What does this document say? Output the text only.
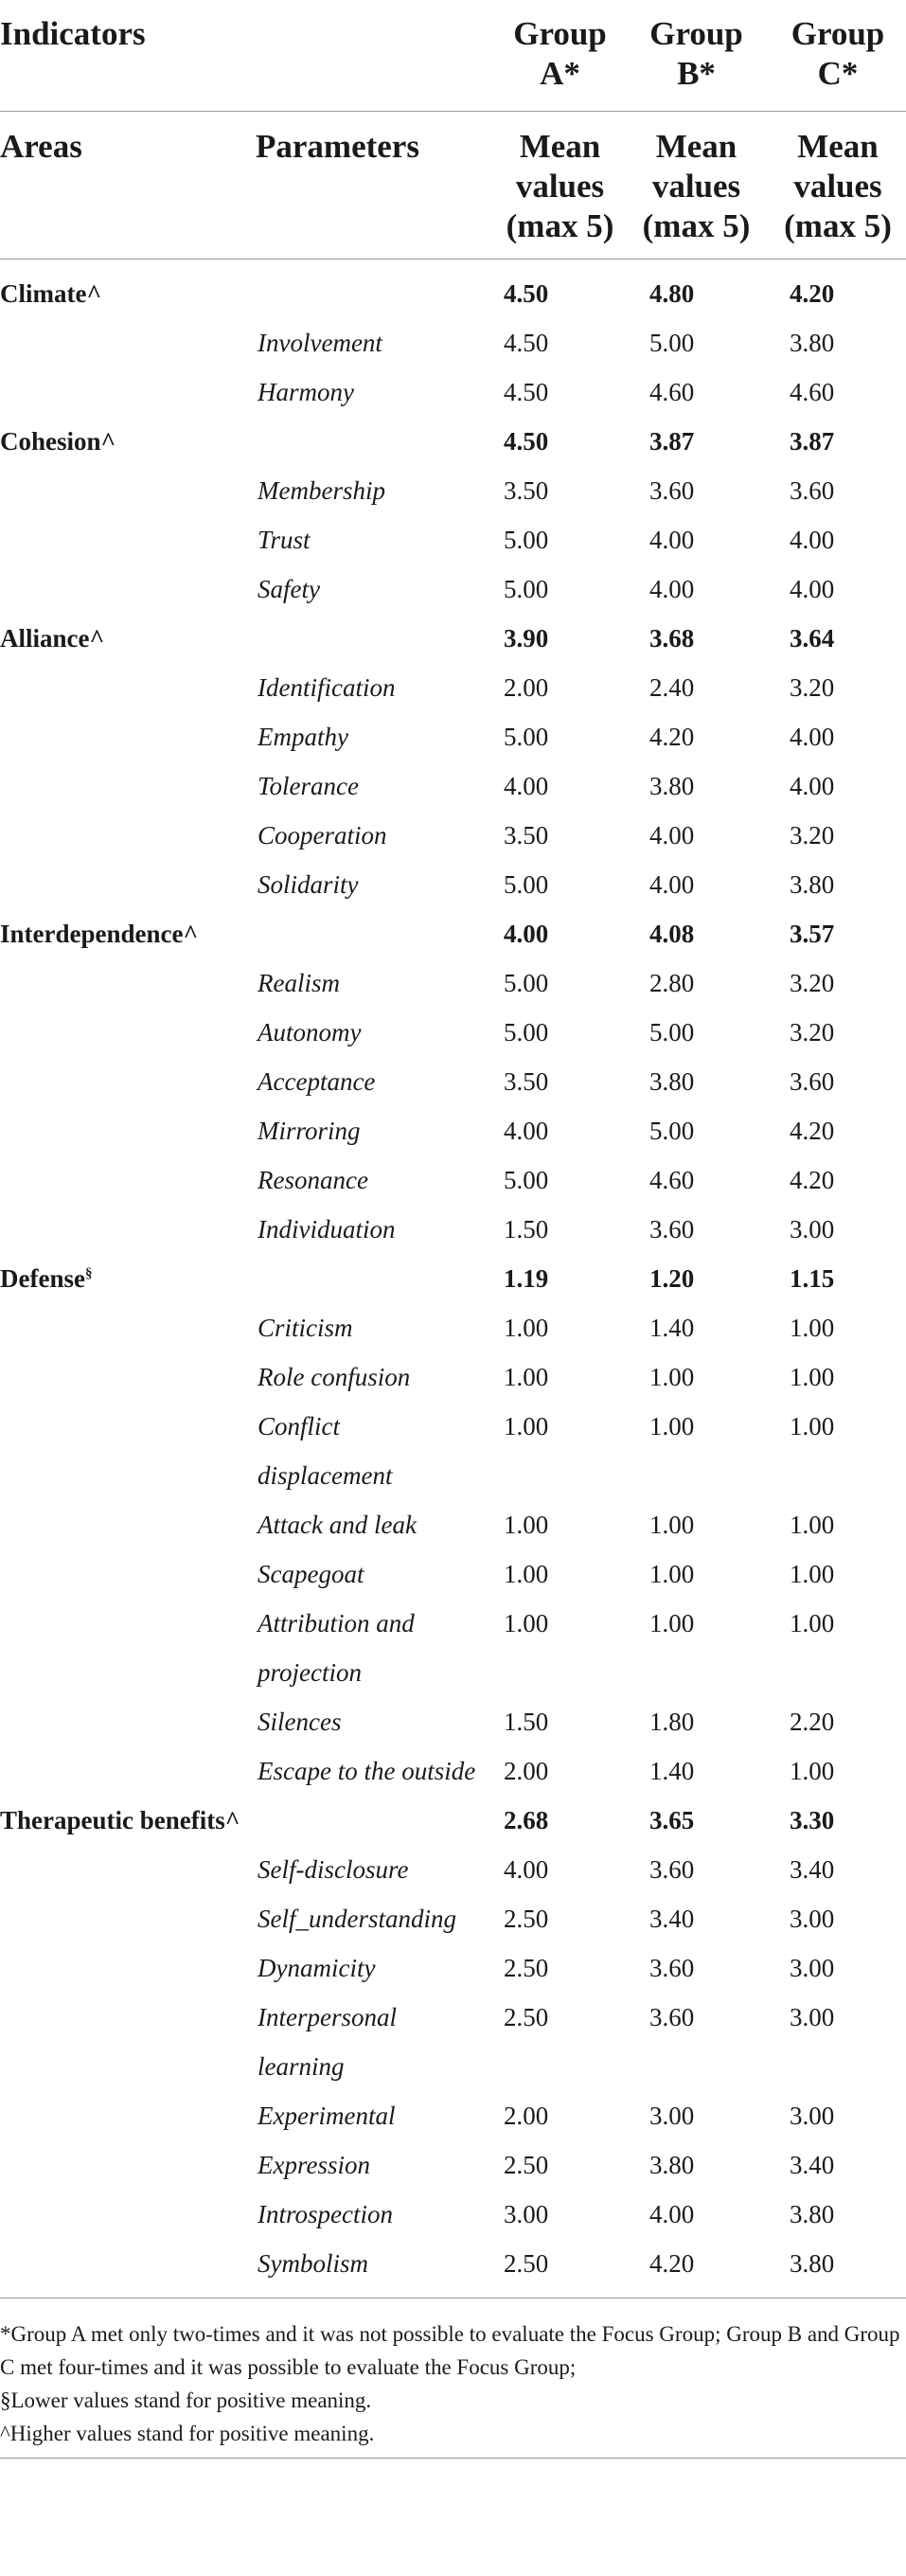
Indicators		Group A*	Group B*	Group C*
Areas	Parameters	Mean values (max 5)	Mean values (max 5)	Mean values (max 5)
Climate^		4.50	4.80	4.20
	Involvement	4.50	5.00	3.80
	Harmony	4.50	4.60	4.60
Cohesion^		4.50	3.87	3.87
	Membership	3.50	3.60	3.60
	Trust	5.00	4.00	4.00
	Safety	5.00	4.00	4.00
Alliance^		3.90	3.68	3.64
	Identification	2.00	2.40	3.20
	Empathy	5.00	4.20	4.00
	Tolerance	4.00	3.80	4.00
	Cooperation	3.50	4.00	3.20
	Solidarity	5.00	4.00	3.80
Interdependence^		4.00	4.08	3.57
	Realism	5.00	2.80	3.20
	Autonomy	5.00	5.00	3.20
	Acceptance	3.50	3.80	3.60
	Mirroring	4.00	5.00	4.20
	Resonance	5.00	4.60	4.20
	Individuation	1.50	3.60	3.00
Defense§		1.19	1.20	1.15
	Criticism	1.00	1.40	1.00
	Role confusion	1.00	1.00	1.00
	Conflict displacement	1.00	1.00	1.00
	Attack and leak	1.00	1.00	1.00
	Scapegoat	1.00	1.00	1.00
	Attribution and projection	1.00	1.00	1.00
	Silences	1.50	1.80	2.20
	Escape to the outside	2.00	1.40	1.00
Therapeutic benefits^		2.68	3.65	3.30
	Self-disclosure	4.00	3.60	3.40
	Self_understanding	2.50	3.40	3.00
	Dynamicity	2.50	3.60	3.00
	Interpersonal learning	2.50	3.60	3.00
	Experimental	2.00	3.00	3.00
	Expression	2.50	3.80	3.40
	Introspection	3.00	4.00	3.80
	Symbolism	2.50	4.20	3.80

*Group A met only two-times and it was not possible to evaluate the Focus Group; Group B and Group C met four-times and it was possible to evaluate the Focus Group;

§Lower values stand for positive meaning.

^Higher values stand for positive meaning.
